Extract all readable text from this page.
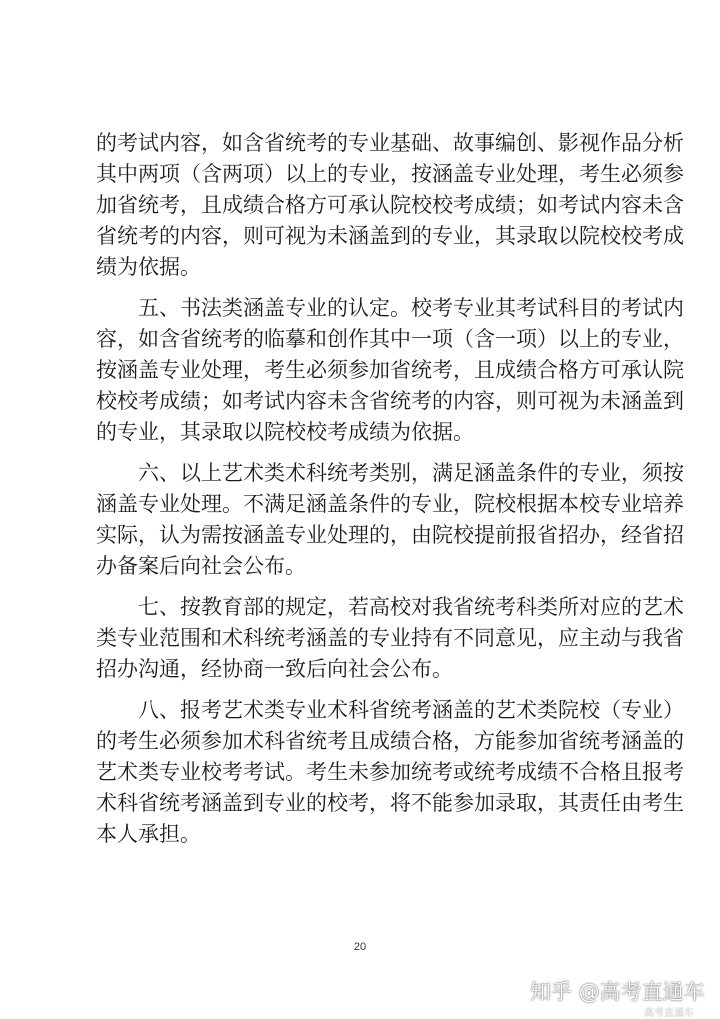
的考试内容，如含省统考的专业基础、故事编创、影视作品分析
其中两项（含两项）以上的专业，按涵盖专业处理，考生必须参
加省统考，且成绩合格方可承认院校校考成绩；如考试内容未含
省统考的内容，则可视为未涵盖到的专业，其录取以院校校考成
绩为依据。
　　五、书法类涵盖专业的认定。校考专业其考试科目的考试内
容，如含省统考的临摹和创作其中一项（含一项）以上的专业，
按涵盖专业处理，考生必须参加省统考，且成绩合格方可承认院
校校考成绩；如考试内容未含省统考的内容，则可视为未涵盖到
的专业，其录取以院校校考成绩为依据。
　　六、以上艺术类术科统考类别，满足涵盖条件的专业，须按
涵盖专业处理。不满足涵盖条件的专业，院校根据本校专业培养
实际，认为需按涵盖专业处理的，由院校提前报省招办，经省招
办备案后向社会公布。
　　七、按教育部的规定，若高校对我省统考科类所对应的艺术
类专业范围和术科统考涵盖的专业持有不同意见，应主动与我省
招办沟通，经协商一致后向社会公布。
　　八、报考艺术类专业术科省统考涵盖的艺术类院校（专业）
的考生必须参加术科省统考且成绩合格，方能参加省统考涵盖的
艺术类专业校考考试。考生未参加统考或统考成绩不合格且报考
术科省统考涵盖到专业的校考，将不能参加录取，其责任由考生
本人承担。
20
知乎 @高考直通车
高考直通车
